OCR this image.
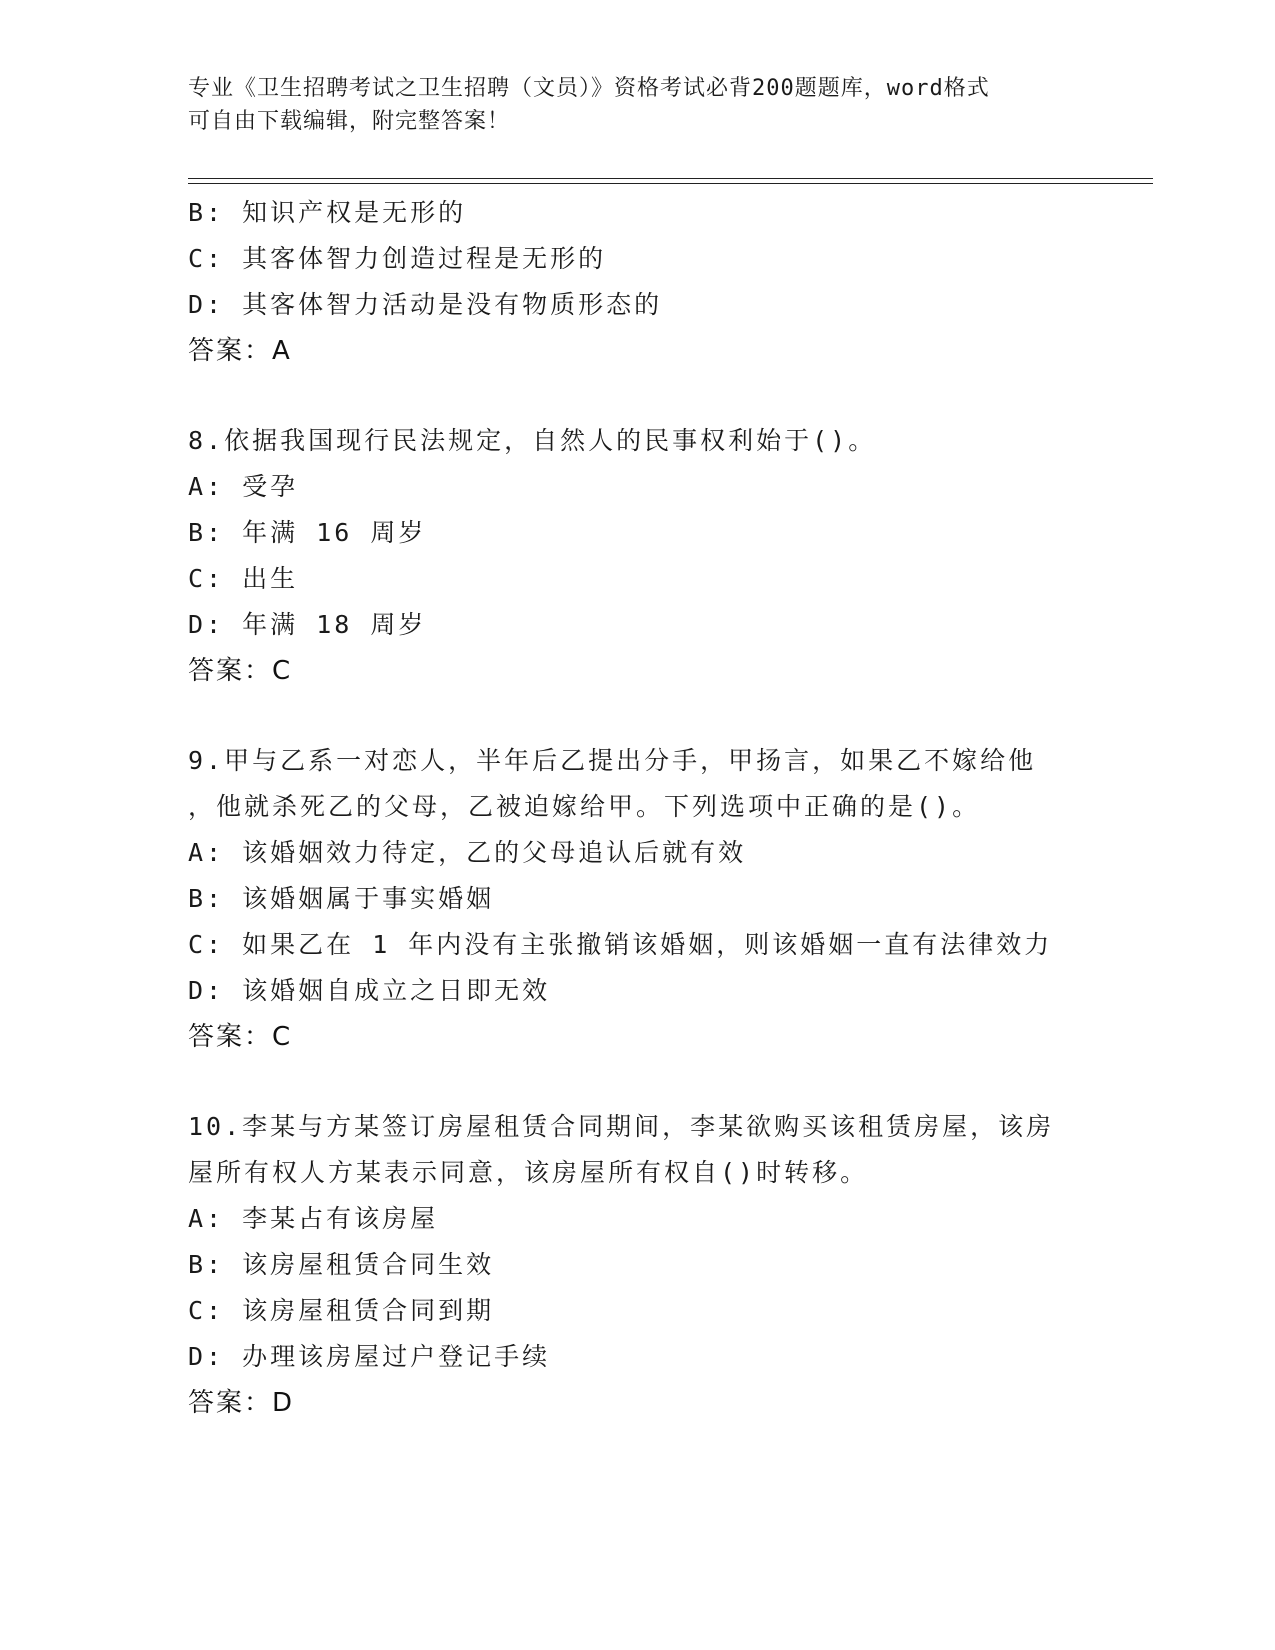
专业《卫生招聘考试之卫生招聘（文员）》资格考试必背200题题库，word格式
可自由下载编辑，附完整答案！
B: 知识产权是无形的
C: 其客体智力创造过程是无形的
D: 其客体智力活动是没有物质形态的
答案：A
8.依据我国现行民法规定，自然人的民事权利始于()。
A: 受孕
B: 年满 16 周岁
C: 出生
D: 年满 18 周岁
答案：C
9.甲与乙系一对恋人，半年后乙提出分手，甲扬言，如果乙不嫁给他
，他就杀死乙的父母，乙被迫嫁给甲。下列选项中正确的是()。
A: 该婚姻效力待定，乙的父母追认后就有效
B: 该婚姻属于事实婚姻
C: 如果乙在 1 年内没有主张撤销该婚姻，则该婚姻一直有法律效力
D: 该婚姻自成立之日即无效
答案：C
10.李某与方某签订房屋租赁合同期间，李某欲购买该租赁房屋，该房
屋所有权人方某表示同意，该房屋所有权自()时转移。
A: 李某占有该房屋
B: 该房屋租赁合同生效
C: 该房屋租赁合同到期
D: 办理该房屋过户登记手续
答案：D
